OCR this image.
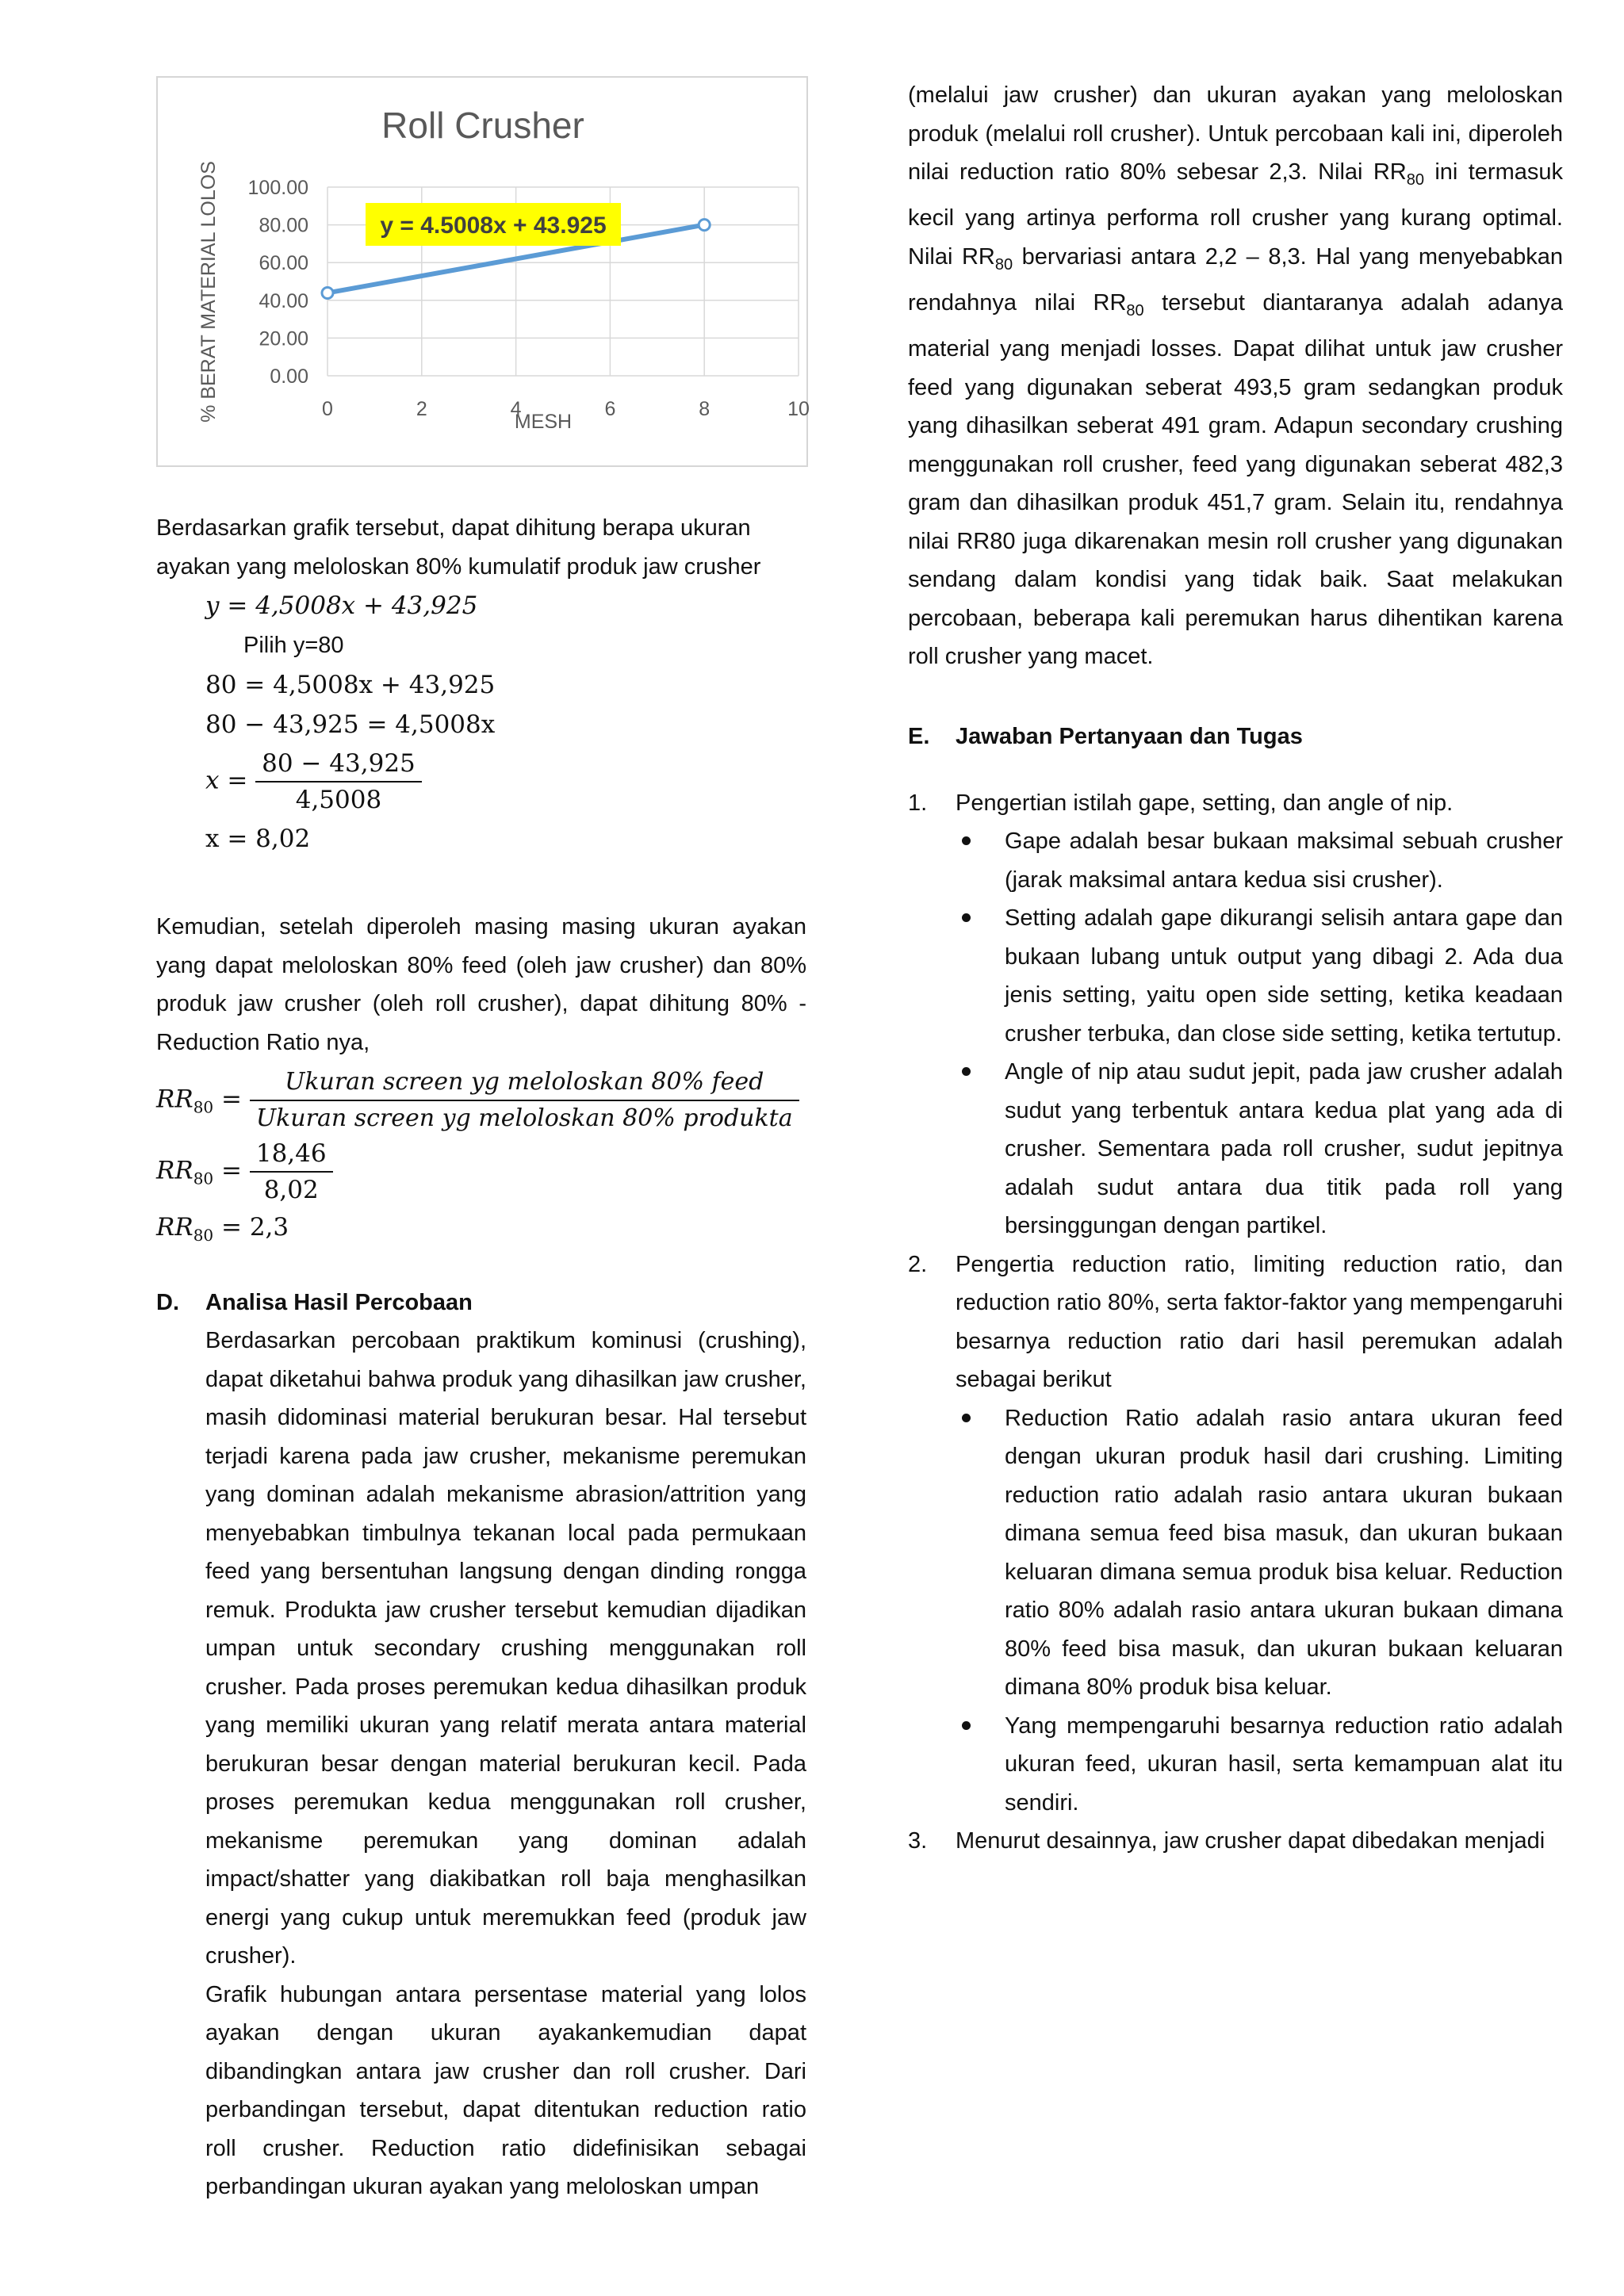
Roll Crusher
100.00
80.00
60.00
40.00
20.00
0.00
0	2	4	6	8	10
MESH
% BERAT MATERIAL LOLOS	y = 4.5008x + 43.925

Berdasarkan grafik tersebut, dapat dihitung berapa ukuran ayakan yang meloloskan 80% kumulatif produk jaw crusher

y = 4,5008x + 43,925
Pilih y=80
80 = 4,5008x + 43,925
80 − 43,925 = 4,5008x
$x = \frac{80 - 43,925}{4,5008}$
x = 8,02

Kemudian, setelah diperoleh masing masing ukuran ayakan yang dapat meloloskan 80% feed (oleh jaw crusher) dan 80% produk jaw crusher (oleh roll crusher), dapat dihitung 80% - Reduction Ratio nya,

$RR_{80} = \frac{\text{Ukuran screen yg meloloskan 80\% feed}}{\text{Ukuran screen yg meloloskan 80\% produkta}}$
$RR_{80} = \frac{18,46}{8,02}$
$RR_{80} = 2,3$
D. Analisa Hasil Percobaan

Berdasarkan percobaan praktikum kominusi (crushing), dapat diketahui bahwa produk yang dihasilkan jaw crusher, masih didominasi material berukuran besar. Hal tersebut terjadi karena pada jaw crusher, mekanisme peremukan yang dominan adalah mekanisme abrasion/attrition yang menyebabkan timbulnya tekanan local pada permukaan feed yang bersentuhan langsung dengan dinding rongga remuk. Produkta jaw crusher tersebut kemudian dijadikan umpan untuk secondary crushing menggunakan roll crusher. Pada proses peremukan kedua dihasilkan produk yang memiliki ukuran yang relatif merata antara material berukuran besar dengan material berukuran kecil. Pada proses peremukan kedua menggunakan roll crusher, mekanisme peremukan yang dominan adalah impact/shatter yang diakibatkan roll baja menghasilkan energi yang cukup untuk meremukkan feed (produk jaw crusher).

Grafik hubungan antara persentase material yang lolos ayakan dengan ukuran ayakankemudian dapat dibandingkan antara jaw crusher dan roll crusher. Dari perbandingan tersebut, dapat ditentukan reduction ratio roll crusher. Reduction ratio didefinisikan sebagai perbandingan ukuran ayakan yang meloloskan umpan

(melalui jaw crusher) dan ukuran ayakan yang meloloskan produk (melalui roll crusher). Untuk percobaan kali ini, diperoleh nilai reduction ratio 80% sebesar 2,3. Nilai $RR_{80}$ ini termasuk kecil yang artinya performa roll crusher yang kurang optimal. Nilai $RR_{80}$ bervariasi antara 2,2 – 8,3. Hal yang menyebabkan rendahnya nilai $RR_{80}$ tersebut diantaranya adalah adanya material yang menjadi losses. Dapat dilihat untuk jaw crusher feed yang digunakan seberat 493,5 gram sedangkan produk yang dihasilkan seberat 491 gram. Adapun secondary crushing menggunakan roll crusher, feed yang digunakan seberat 482,3 gram dan dihasilkan produk 451,7 gram. Selain itu, rendahnya nilai RR80 juga dikarenakan mesin roll crusher yang digunakan sendang dalam kondisi yang tidak baik. Saat melakukan percobaan, beberapa kali peremukan harus dihentikan karena roll crusher yang macet.

E. Jawaban Pertanyaan dan Tugas
1. Pengertian istilah gape, setting, dan angle of nip.
Gape adalah besar bukaan maksimal sebuah crusher (jarak maksimal antara kedua sisi crusher).
Setting adalah gape dikurangi selisih antara gape dan bukaan lubang untuk output yang dibagi 2. Ada dua jenis setting, yaitu open side setting, ketika keadaan crusher terbuka, dan close side setting, ketika tertutup.
Angle of nip atau sudut jepit, pada jaw crusher adalah sudut yang terbentuk antara kedua plat yang ada di crusher. Sementara pada roll crusher, sudut jepitnya adalah sudut antara dua titik pada roll yang bersinggungan dengan partikel.
2. Pengertia reduction ratio, limiting reduction ratio, dan reduction ratio 80%, serta faktor-faktor yang mempengaruhi besarnya reduction ratio dari hasil peremukan adalah sebagai berikut
Reduction Ratio adalah rasio antara ukuran feed dengan ukuran produk hasil dari crushing. Limiting reduction ratio adalah rasio antara ukuran bukaan dimana semua feed bisa masuk, dan ukuran bukaan keluaran dimana semua produk bisa keluar. Reduction ratio 80% adalah rasio antara ukuran bukaan dimana 80% feed bisa masuk, dan ukuran bukaan keluaran dimana 80% produk bisa keluar.
Yang mempengaruhi besarnya reduction ratio adalah ukuran feed, ukuran hasil, serta kemampuan alat itu sendiri.
3. Menurut desainnya, jaw crusher dapat dibedakan menjadi
